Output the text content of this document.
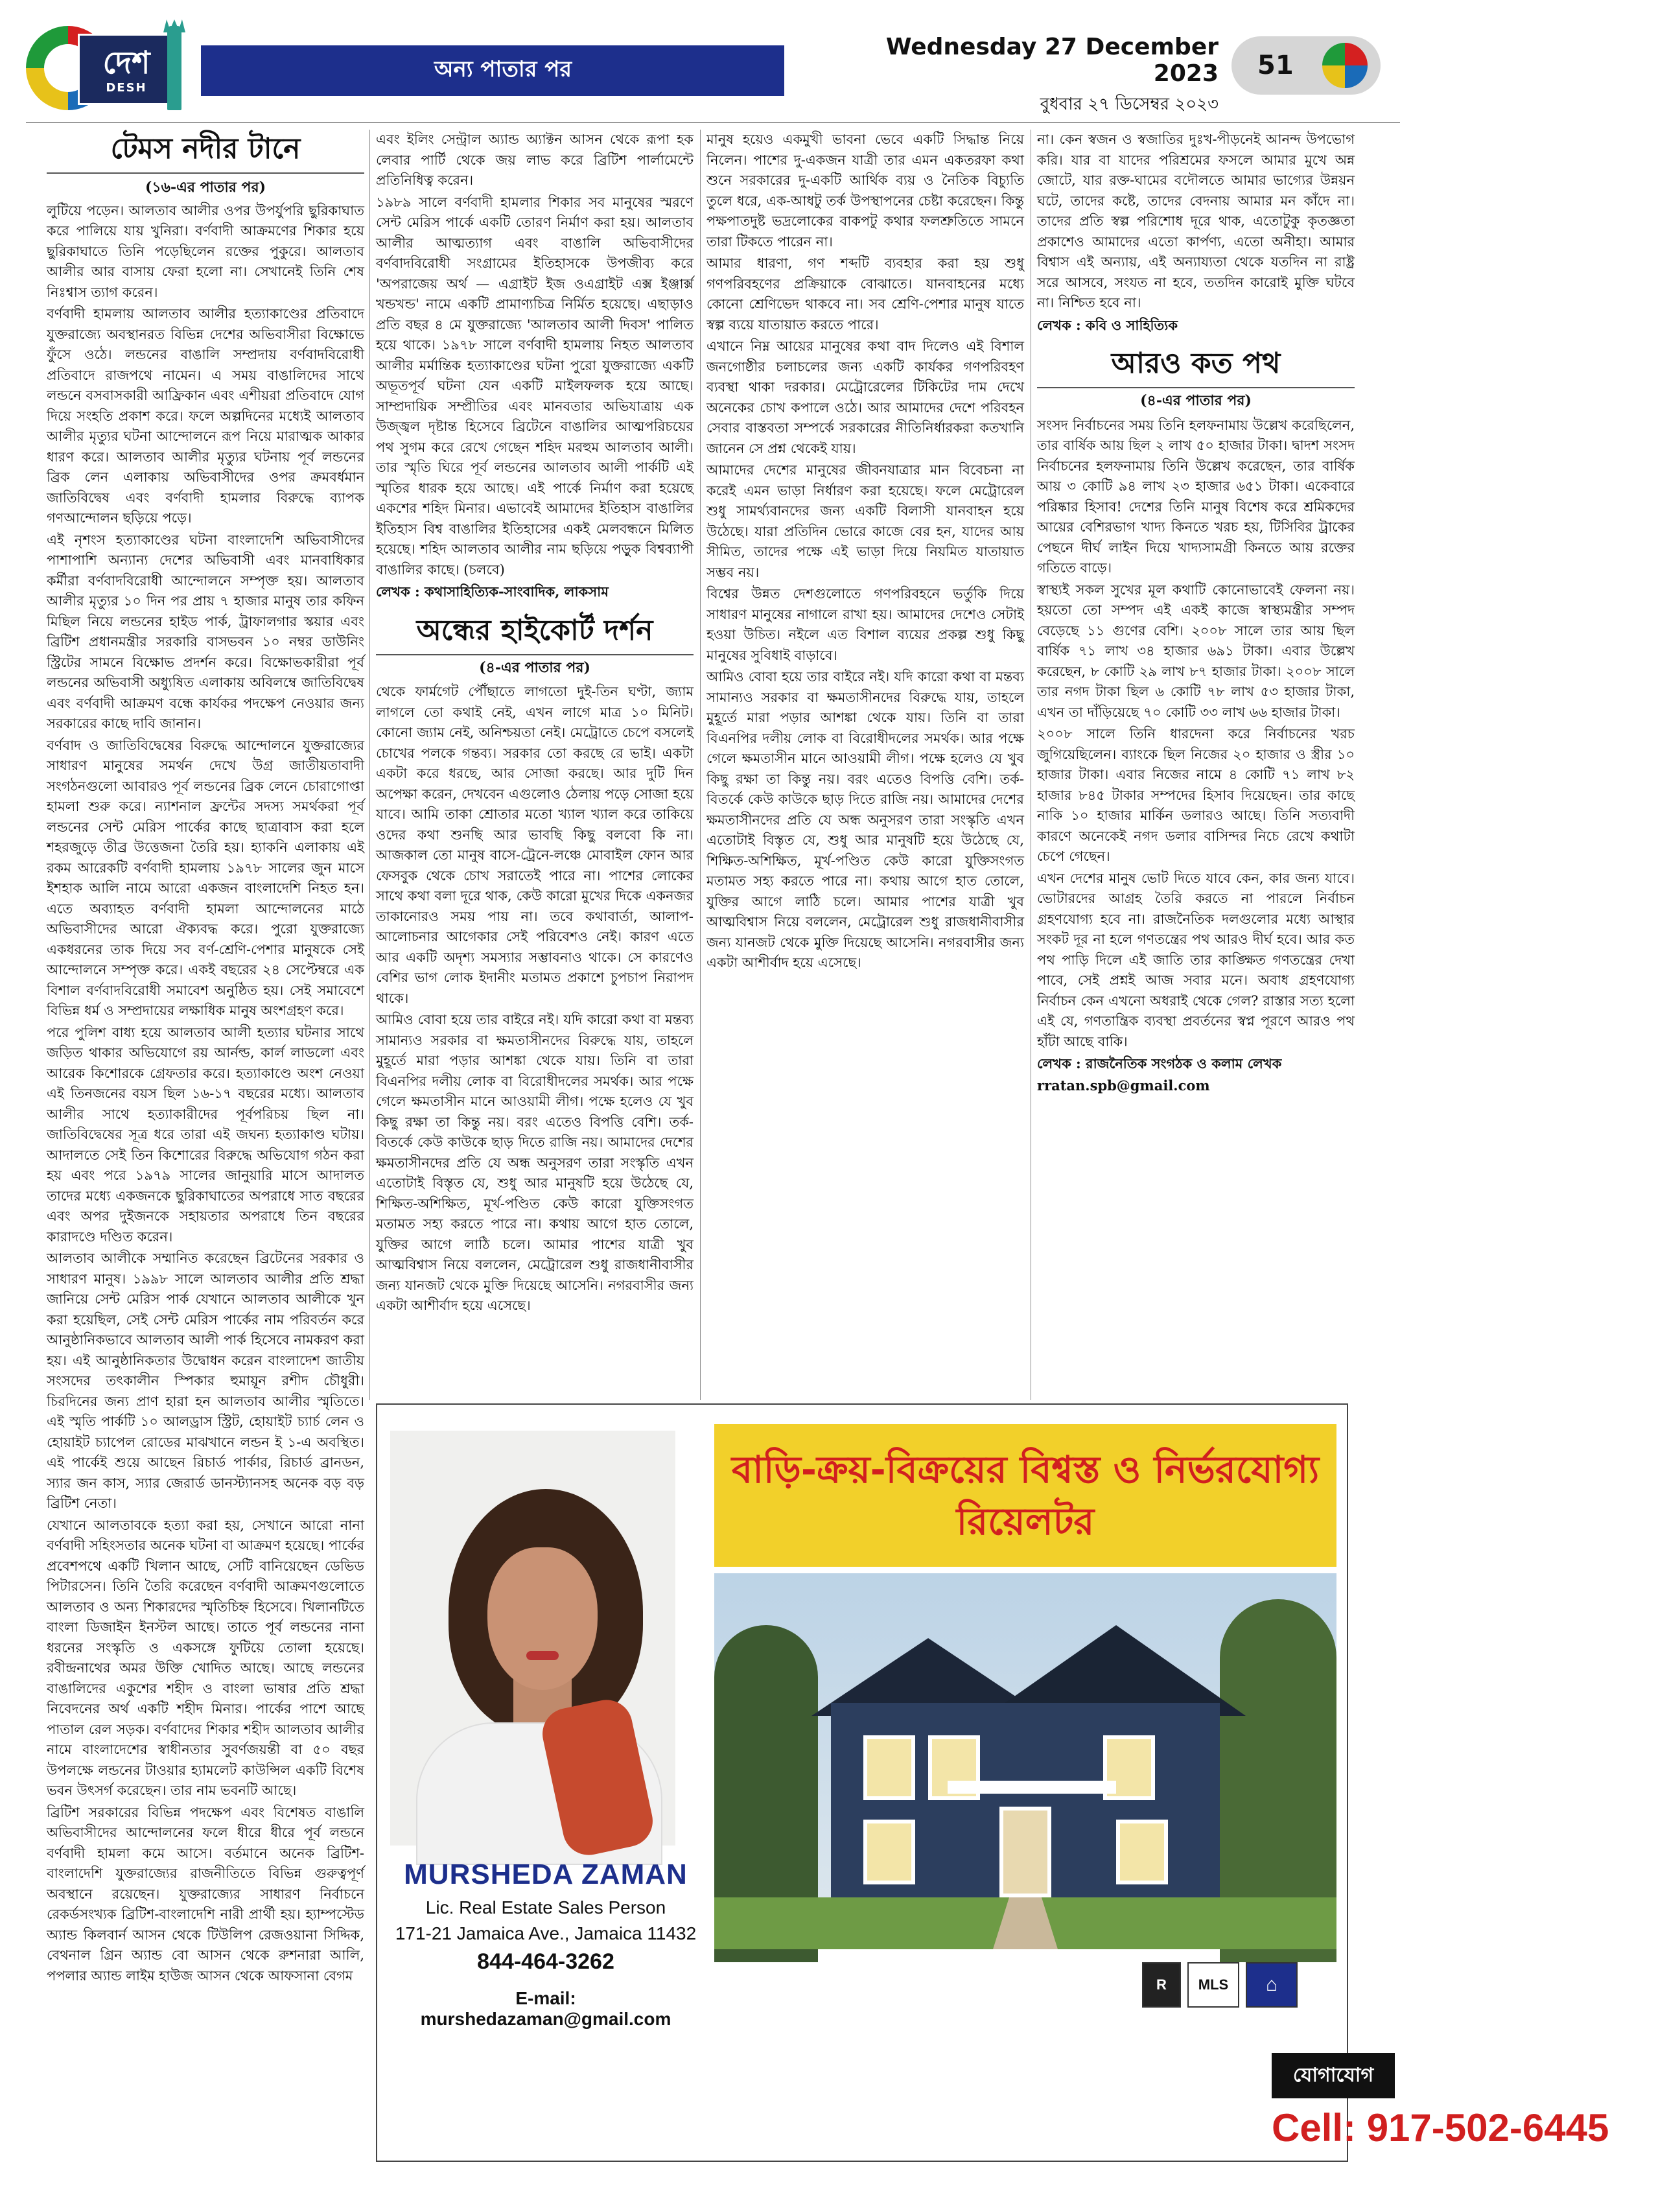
দেশ
DESH
অন্য পাতার পর
Wednesday 27 December 2023
বুধবার ২৭ ডিসেম্বর ২০২৩
51
টেমস নদীর টানে
(১৬-এর পাতার পর)

লুটিয়ে পড়েন। আলতাব আলীর ওপর উপর্যুপরি ছুরিকাঘাত করে পালিয়ে যায় খুনিরা। বর্ণবাদী আক্রমণের শিকার হয়ে ছুরিকাঘাতে তিনি পড়েছিলেন রক্তের পুকুরে। আলতাব আলীর আর বাসায় ফেরা হলো না। সেখানেই তিনি শেষ নিঃশ্বাস ত্যাগ করেন।

বর্ণবাদী হামলায় আলতাব আলীর হত্যাকাণ্ডের প্রতিবাদে যুক্তরাজ্যে অবস্থানরত বিভিন্ন দেশের অভিবাসীরা বিক্ষোভে ফুঁসে ওঠে। লন্ডনের বাঙালি সম্প্রদায় বর্ণবাদবিরোধী প্রতিবাদে রাজপথে নামেন। এ সময় বাঙালিদের সাথে লন্ডনে বসবাসকারী আফ্রিকান এবং এশীয়রা প্রতিবাদে যোগ দিয়ে সংহতি প্রকাশ করে। ফলে অল্পদিনের মধ্যেই আলতাব আলীর মৃত্যুর ঘটনা আন্দোলনে রূপ নিয়ে মারাত্মক আকার ধারণ করে। আলতাব আলীর মৃত্যুর ঘটনায় পূর্ব লন্ডনের ব্রিক লেন এলাকায় অভিবাসীদের ওপর ক্রমবর্ধমান জাতিবিদ্বেষ এবং বর্ণবাদী হামলার বিরুদ্ধে ব্যাপক গণআন্দোলন ছড়িয়ে পড়ে।

এই নৃশংস হত্যাকাণ্ডের ঘটনা বাংলাদেশি অভিবাসীদের পাশাপাশি অন্যান্য দেশের অভিবাসী এবং মানবাধিকার কর্মীরা বর্ণবাদবিরোধী আন্দোলনে সম্পৃক্ত হয়। আলতাব আলীর মৃত্যুর ১০ দিন পর প্রায় ৭ হাজার মানুষ তার কফিন মিছিল নিয়ে লন্ডনের হাইড পার্ক, ট্রাফালগার স্কয়ার এবং ব্রিটিশ প্রধানমন্ত্রীর সরকারি বাসভবন ১০ নম্বর ডাউনিং স্ট্রিটের সামনে বিক্ষোভ প্রদর্শন করে। বিক্ষোভকারীরা পূর্ব লন্ডনের অভিবাসী অধ্যুষিত এলাকায় অবিলম্বে জাতিবিদ্বেষ এবং বর্ণবাদী আক্রমণ বন্ধে কার্যকর পদক্ষেপ নেওয়ার জন্য সরকারের কাছে দাবি জানান।

বর্ণবাদ ও জাতিবিদ্বেষের বিরুদ্ধে আন্দোলনে যুক্তরাজ্যের সাধারণ মানুষের সমর্থন দেখে উগ্র জাতীয়তাবাদী সংগঠনগুলো আবারও পূর্ব লন্ডনের ব্রিক লেনে চোরাগোপ্তা হামলা শুরু করে। ন্যাশনাল ফ্রন্টের সদস্য সমর্থকরা পূর্ব লন্ডনের সেন্ট মেরিস পার্কের কাছে ছাত্রাবাস করা হলে শহরজুড়ে তীব্র উত্তেজনা তৈরি হয়। হ্যাকনি এলাকায় এই রকম আরেকটি বর্ণবাদী হামলায় ১৯৭৮ সালের জুন মাসে ইশহাক আলি নামে আরো একজন বাংলাদেশি নিহত হন। এতে অব্যাহত বর্ণবাদী হামলা আন্দোলনের মাঠে অভিবাসীদের আরো ঐক্যবদ্ধ করে। পুরো যুক্তরাজ্যে একধরনের তাক দিয়ে সব বর্ণ-শ্রেণি-পেশার মানুষকে সেই আন্দোলনে সম্পৃক্ত করে। একই বছরের ২৪ সেপ্টেম্বরে এক বিশাল বর্ণবাদবিরোধী সমাবেশ অনুষ্ঠিত হয়। সেই সমাবেশে বিভিন্ন ধর্ম ও সম্প্রদায়ের লক্ষাধিক মানুষ অংশগ্রহণ করে।

পরে পুলিশ বাধ্য হয়ে আলতাব আলী হত্যার ঘটনার সাথে জড়িত থাকার অভিযোগে রয় আর্নল্ড, কার্ল লাডলো এবং আরেক কিশোরকে গ্রেফতার করে। হত্যাকাণ্ডে অংশ নেওয়া এই তিনজনের বয়স ছিল ১৬-১৭ বছরের মধ্যে। আলতাব আলীর সাথে হত্যাকারীদের পূর্বপরিচয় ছিল না। জাতিবিদ্বেষের সূত্র ধরে তারা এই জঘন্য হত্যাকাণ্ড ঘটায়। আদালতে সেই তিন কিশোরের বিরুদ্ধে অভিযোগ গঠন করা হয় এবং পরে ১৯৭৯ সালের জানুয়ারি মাসে আদালত তাদের মধ্যে একজনকে ছুরিকাঘাতের অপরাধে সাত বছরের এবং অপর দুইজনকে সহায়তার অপরাধে তিন বছরের কারাদণ্ডে দণ্ডিত করেন।

আলতাব আলীকে সম্মানিত করেছেন ব্রিটেনের সরকার ও সাধারণ মানুষ। ১৯৯৮ সালে আলতাব আলীর প্রতি শ্রদ্ধা জানিয়ে সেন্ট মেরিস পার্ক যেখানে আলতাব আলীকে খুন করা হয়েছিল, সেই সেন্ট মেরিস পার্কের নাম পরিবর্তন করে আনুষ্ঠানিকভাবে আলতাব আলী পার্ক হিসেবে নামকরণ করা হয়। এই আনুষ্ঠানিকতার উদ্বোধন করেন বাংলাদেশ জাতীয় সংসদের তৎকালীন স্পিকার হুমায়ূন রশীদ চৌধুরী। চিরদিনের জন্য প্রাণ হারা হন আলতাব আলীর স্মৃতিতে। এই স্মৃতি পার্কটি ১০ আলড্রাস স্ট্রিট, হোয়াইট চ্যার্চ লেন ও হোয়াইট চ্যাপেল রোডের মাঝখানে লন্ডন ই ১-এ অবস্থিত। এই পার্কেই শুয়ে আছেন রিচার্ড পার্কার, রিচার্ড ব্রানডন, স্যার জন কাস, স্যার জেরার্ড ডানস্ট্যানসহ অনেক বড় বড় ব্রিটিশ নেতা।

যেখানে আলতাবকে হত্যা করা হয়, সেখানে আরো নানা বর্ণবাদী সহিংসতার অনেক ঘটনা বা আক্রমণ হয়েছে। পার্কের প্রবেশপথে একটি খিলান আছে, সেটি বানিয়েছেন ডেভিড পিটারসেন। তিনি তৈরি করেছেন বর্ণবাদী আক্রমণগুলোতে আলতাব ও অন্য শিকারদের স্মৃতিচিহ্ন হিসেবে। খিলানটিতে বাংলা ডিজাইন ইনস্টল আছে। তাতে পূর্ব লন্ডনের নানা ধরনের সংস্কৃতি ও একসঙ্গে ফুটিয়ে তোলা হয়েছে। রবীন্দ্রনাথের অমর উক্তি খোদিত আছে। আছে লন্ডনের বাঙালিদের একুশের শহীদ ও বাংলা ভাষার প্রতি শ্রদ্ধা নিবেদনের অর্থ একটি শহীদ মিনার। পার্কের পাশে আছে পাতাল রেল সড়ক। বর্ণবাদের শিকার শহীদ আলতাব আলীর নামে বাংলাদেশের স্বাধীনতার সুবর্ণজয়ন্তী বা ৫০ বছর উপলক্ষে লন্ডনের টাওয়ার হ্যামলেট কাউন্সিল একটি বিশেষ ভবন উৎসর্গ করেছেন। তার নাম ভবনটি আছে।

ব্রিটিশ সরকারের বিভিন্ন পদক্ষেপ এবং বিশেষত বাঙালি অভিবাসীদের আন্দোলনের ফলে ধীরে ধীরে পূর্ব লন্ডনে বর্ণবাদী হামলা কমে আসে। বর্তমানে অনেক ব্রিটিশ-বাংলাদেশি যুক্তরাজ্যের রাজনীতিতে বিভিন্ন গুরুত্বপূর্ণ অবস্থানে রয়েছেন। যুক্তরাজ্যের সাধারণ নির্বাচনে রেকর্ডসংখ্যক ব্রিটিশ-বাংলাদেশি নারী প্রার্থী হয়। হ্যাম্পস্টেড অ্যান্ড কিলবার্ন আসন থেকে টিউলিপ রেজওয়ানা সিদ্দিক, বেথনাল গ্রিন অ্যান্ড বো আসন থেকে রুশনারা আলি, পপলার অ্যান্ড লাইম হাউজ আসন থেকে আফসানা বেগম

এবং ইলিং সেন্ট্রাল অ্যান্ড অ্যাক্টন আসন থেকে রূপা হক লেবার পার্টি থেকে জয় লাভ করে ব্রিটিশ পার্লামেন্টে প্রতিনিধিত্ব করেন।

১৯৮৯ সালে বর্ণবাদী হামলার শিকার সব মানুষের স্মরণে সেন্ট মেরিস পার্কে একটি তোরণ নির্মাণ করা হয়। আলতাব আলীর আত্মত্যাগ এবং বাঙালি অভিবাসীদের বর্ণবাদবিরোধী সংগ্রামের ইতিহাসকে উপজীব্য করে 'অপরাজেয় অর্থ — এগ্রাইট ইজ ওএগ্রাইট এক্স ইঞ্জার্ক্স খন্ডখন্ড' নামে একটি প্রামাণ্যচিত্র নির্মিত হয়েছে। এছাড়াও প্রতি বছর ৪ মে যুক্তরাজ্যে 'আলতাব আলী দিবস' পালিত হয়ে থাকে। ১৯৭৮ সালে বর্ণবাদী হামলায় নিহত আলতাব আলীর মর্মান্তিক হত্যাকাণ্ডের ঘটনা পুরো যুক্তরাজ্যে একটি অভূতপূর্ব ঘটনা যেন একটি মাইলফলক হয়ে আছে। সাম্প্রদায়িক সম্প্রীতির এবং মানবতার অভিযাত্রায় এক উজ্জ্বল দৃষ্টান্ত হিসেবে ব্রিটেনে বাঙালির আত্মপরিচয়ের পথ সুগম করে রেখে গেছেন শহিদ মরহুম আলতাব আলী। তার স্মৃতি ঘিরে পূর্ব লন্ডনের আলতাব আলী পার্কটি এই স্মৃতির ধারক হয়ে আছে। এই পার্কে নির্মাণ করা হয়েছে একশের শহিদ মিনার। এভাবেই আমাদের ইতিহাস বাঙালির ইতিহাস বিশ্ব বাঙালির ইতিহাসের একই মেলবন্ধনে মিলিত হয়েছে। শহিদ আলতাব আলীর নাম ছড়িয়ে পড়ুক বিশ্বব্যাপী বাঙালির কাছে। (চলবে)

লেখক : কথাসাহিত্যিক-সাংবাদিক, লাকসাম

অন্ধের হাইকোর্ট দর্শন
(৪-এর পাতার পর)

থেকে ফার্মগেট পৌঁছাতে লাগতো দুই-তিন ঘণ্টা, জ্যাম লাগলে তো কথাই নেই, এখন লাগে মাত্র ১০ মিনিট। কোনো জ্যাম নেই, অনিশ্চয়তা নেই। মেট্রোতে চেপে বসলেই চোখের পলকে গন্তব্য। সরকার তো করছে রে ভাই। একটা একটা করে ধরছে, আর সোজা করছে। আর দুটি দিন অপেক্ষা করেন, দেখবেন এগুলোও ঠেলায় পড়ে সোজা হয়ে যাবে। আমি তাকা শ্রোতার মতো খ্যাল খ্যাল করে তাকিয়ে ওদের কথা শুনছি আর ভাবছি কিছু বলবো কি না। আজকাল তো মানুষ বাসে-ট্রেনে-লঞ্চে মোবাইল ফোন আর ফেসবুক থেকে চোখ সরাতেই পারে না। পাশের লোকের সাথে কথা বলা দূরে থাক, কেউ কারো মুখের দিকে একনজর তাকানোরও সময় পায় না। তবে কথাবার্তা, আলাপ-আলোচনার আগেকার সেই পরিবেশও নেই। কারণ এতে আর একটি অদৃশ্য সমস্যার সম্ভাবনাও থাকে। সে কারণেও বেশির ভাগ লোক ইদানীং মতামত প্রকাশে চুপচাপ নিরাপদ থাকে।

আমিও বোবা হয়ে তার বাইরে নই। যদি কারো কথা বা মন্তব্য সামান্যও সরকার বা ক্ষমতাসীনদের বিরুদ্ধে যায়, তাহলে মুহূর্তে মারা পড়ার আশঙ্কা থেকে যায়। তিনি বা তারা বিএনপির দলীয় লোক বা বিরোধীদলের সমর্থক। আর পক্ষে গেলে ক্ষমতাসীন মানে আওয়ামী লীগ। পক্ষে হলেও যে খুব কিছু রক্ষা তা কিন্তু নয়। বরং এতেও বিপত্তি বেশি। তর্ক-বিতর্কে কেউ কাউকে ছাড় দিতে রাজি নয়। আমাদের দেশের ক্ষমতাসীনদের প্রতি যে অন্ধ অনুসরণ তারা সংস্কৃতি এখন এতোটাই বিস্তৃত যে, শুধু আর মানুষটি হয়ে উঠেছে যে, শিক্ষিত-অশিক্ষিত, মূর্খ-পণ্ডিত কেউ কারো যুক্তিসংগত মতামত সহ্য করতে পারে না। কথায় আগে হাত তোলে, যুক্তির আগে লাঠি চলে। আমার পাশের যাত্রী খুব আত্মবিশ্বাস নিয়ে বললেন, মেট্রোরেল শুধু রাজধানীবাসীর জন্য যানজট থেকে মুক্তি দিয়েছে আসেনি। নগরবাসীর জন্য একটা আশীর্বাদ হয়ে এসেছে।

মানুষ হয়েও একমুখী ভাবনা ভেবে একটি সিদ্ধান্ত নিয়ে নিলেন। পাশের দু-একজন যাত্রী তার এমন একতরফা কথা শুনে সরকারের দু-একটি আর্থিক ব্যয় ও নৈতিক বিচ্যুতি তুলে ধরে, এক-আধটু তর্ক উপস্থাপনের চেষ্টা করেছেন। কিন্তু পক্ষপাতদুষ্ট ভদ্রলোকের বাকপটু কথার ফলশ্রুতিতে সামনে তারা টিকতে পারেন না।

আমার ধারণা, গণ শব্দটি ব্যবহার করা হয় শুধু গণপরিবহণের প্রক্রিয়াকে বোঝাতে। যানবাহনের মধ্যে কোনো শ্রেণিভেদ থাকবে না। সব শ্রেণি-পেশার মানুষ যাতে স্বল্প ব্যয়ে যাতায়াত করতে পারে।

এখানে নিম্ন আয়ের মানুষের কথা বাদ দিলেও এই বিশাল জনগোষ্ঠীর চলাচলের জন্য একটি কার্যকর গণপরিবহণ ব্যবস্থা থাকা দরকার। মেট্রোরেলের টিকিটের দাম দেখে অনেকের চোখ কপালে ওঠে। আর আমাদের দেশে পরিবহন সেবার বাস্তবতা সম্পর্কে সরকারের নীতিনির্ধারকরা কতখানি জানেন সে প্রশ্ন থেকেই যায়।

আমাদের দেশের মানুষের জীবনযাত্রার মান বিবেচনা না করেই এমন ভাড়া নির্ধারণ করা হয়েছে। ফলে মেট্রোরেল শুধু সামর্থ্যবানদের জন্য একটি বিলাসী যানবাহন হয়ে উঠেছে। যারা প্রতিদিন ভোরে কাজে বের হন, যাদের আয় সীমিত, তাদের পক্ষে এই ভাড়া দিয়ে নিয়মিত যাতায়াত সম্ভব নয়।

বিশ্বের উন্নত দেশগুলোতে গণপরিবহনে ভর্তুকি দিয়ে সাধারণ মানুষের নাগালে রাখা হয়। আমাদের দেশেও সেটাই হওয়া উচিত। নইলে এত বিশাল ব্যয়ের প্রকল্প শুধু কিছু মানুষের সুবিধাই বাড়াবে।

আমিও বোবা হয়ে তার বাইরে নই। যদি কারো কথা বা মন্তব্য সামান্যও সরকার বা ক্ষমতাসীনদের বিরুদ্ধে যায়, তাহলে মুহূর্তে মারা পড়ার আশঙ্কা থেকে যায়। তিনি বা তারা বিএনপির দলীয় লোক বা বিরোধীদলের সমর্থক। আর পক্ষে গেলে ক্ষমতাসীন মানে আওয়ামী লীগ। পক্ষে হলেও যে খুব কিছু রক্ষা তা কিন্তু নয়। বরং এতেও বিপত্তি বেশি। তর্ক-বিতর্কে কেউ কাউকে ছাড় দিতে রাজি নয়। আমাদের দেশের ক্ষমতাসীনদের প্রতি যে অন্ধ অনুসরণ তারা সংস্কৃতি এখন এতোটাই বিস্তৃত যে, শুধু আর মানুষটি হয়ে উঠেছে যে, শিক্ষিত-অশিক্ষিত, মূর্খ-পণ্ডিত কেউ কারো যুক্তিসংগত মতামত সহ্য করতে পারে না। কথায় আগে হাত তোলে, যুক্তির আগে লাঠি চলে। আমার পাশের যাত্রী খুব আত্মবিশ্বাস নিয়ে বললেন, মেট্রোরেল শুধু রাজধানীবাসীর জন্য যানজট থেকে মুক্তি দিয়েছে আসেনি। নগরবাসীর জন্য একটা আশীর্বাদ হয়ে এসেছে।

না। কেন স্বজন ও স্বজাতির দুঃখ-পীড়নেই আনন্দ উপভোগ করি। যার বা যাদের পরিশ্রমের ফসলে আমার মুখে অন্ন জোটে, যার রক্ত-ঘামের বদৌলতে আমার ভাগ্যের উন্নয়ন ঘটে, তাদের কষ্টে, তাদের বেদনায় আমার মন কাঁদে না। তাদের প্রতি স্বল্প পরিশোধ দূরে থাক, এতোটুকু কৃতজ্ঞতা প্রকাশেও আমাদের এতো কার্পণ্য, এতো অনীহা। আমার বিশ্বাস এই অন্যায়, এই অন্যায্যতা থেকে যতদিন না রাষ্ট্র সরে আসবে, সংযত না হবে, ততদিন কারোই মুক্তি ঘটবে না। নিশ্চিত হবে না।

লেখক : কবি ও সাহিত্যিক

আরও কত পথ
(৪-এর পাতার পর)

সংসদ নির্বাচনের সময় তিনি হলফনামায় উল্লেখ করেছিলেন, তার বার্ষিক আয় ছিল ২ লাখ ৫০ হাজার টাকা। দ্বাদশ সংসদ নির্বাচনের হলফনামায় তিনি উল্লেখ করেছেন, তার বার্ষিক আয় ৩ কোটি ৯৪ লাখ ২৩ হাজার ৬৫১ টাকা। একেবারে পরিষ্কার হিসাব! দেশের তিনি মানুষ বিশেষ করে শ্রমিকদের আয়ের বেশিরভাগ খাদ্য কিনতে খরচ হয়, টিসিবির ট্রাকের পেছনে দীর্ঘ লাইন দিয়ে খাদ্যসামগ্রী কিনতে আয় রক্তের গতিতে বাড়ে।

স্বাস্থ্যই সকল সুখের মূল কথাটি কোনোভাবেই ফেলনা নয়। হয়তো তো সম্পদ এই একই কাজে স্বাস্থ্যমন্ত্রীর সম্পদ বেড়েছে ১১ গুণের বেশি। ২০০৮ সালে তার আয় ছিল বার্ষিক ৭১ লাখ ৩৪ হাজার ৬৯১ টাকা। এবার উল্লেখ করেছেন, ৮ কোটি ২৯ লাখ ৮৭ হাজার টাকা। ২০০৮ সালে তার নগদ টাকা ছিল ৬ কোটি ৭৮ লাখ ৫৩ হাজার টাকা, এখন তা দাঁড়িয়েছে ৭০ কোটি ৩৩ লাখ ৬৬ হাজার টাকা।

২০০৮ সালে তিনি ধারদেনা করে নির্বাচনের খরচ জুগিয়েছিলেন। ব্যাংকে ছিল নিজের ২০ হাজার ও স্ত্রীর ১০ হাজার টাকা। এবার নিজের নামে ৪ কোটি ৭১ লাখ ৮২ হাজার ৮৪৫ টাকার সম্পদের হিসাব দিয়েছেন। তার কাছে নাকি ১০ হাজার মার্কিন ডলারও আছে। তিনি সত্যবাদী কারণে অনেকেই নগদ ডলার বাসিন্দর নিচে রেখে কথাটা চেপে গেছেন।

এখন দেশের মানুষ ভোট দিতে যাবে কেন, কার জন্য যাবে। ভোটারদের আগ্রহ তৈরি করতে না পারলে নির্বাচন গ্রহণযোগ্য হবে না। রাজনৈতিক দলগুলোর মধ্যে আস্থার সংকট দূর না হলে গণতন্ত্রের পথ আরও দীর্ঘ হবে। আর কত পথ পাড়ি দিলে এই জাতি তার কাঙ্ক্ষিত গণতন্ত্রের দেখা পাবে, সেই প্রশ্নই আজ সবার মনে। অবাধ গ্রহণযোগ্য নির্বাচন কেন এখনো অধরাই থেকে গেল? রাস্তার সত্য হলো এই যে, গণতান্ত্রিক ব্যবস্থা প্রবর্তনের স্বপ্ন পূরণে আরও পথ হাঁটা আছে বাকি।

লেখক : রাজনৈতিক সংগঠক ও কলাম লেখক

rratan.spb@gmail.com

MURSHEDA ZAMAN
Lic. Real Estate Sales Person
171-21 Jamaica Ave., Jamaica 11432
844-464-3262
E-mail: murshedazaman@gmail.com
বাড়ি-ক্রয়-বিক্রয়ের বিশ্বস্ত ও নির্ভরযোগ্য রিয়েলটর
R	MLS	⌂
যোগাযোগ
Cell: 917-502-6445
